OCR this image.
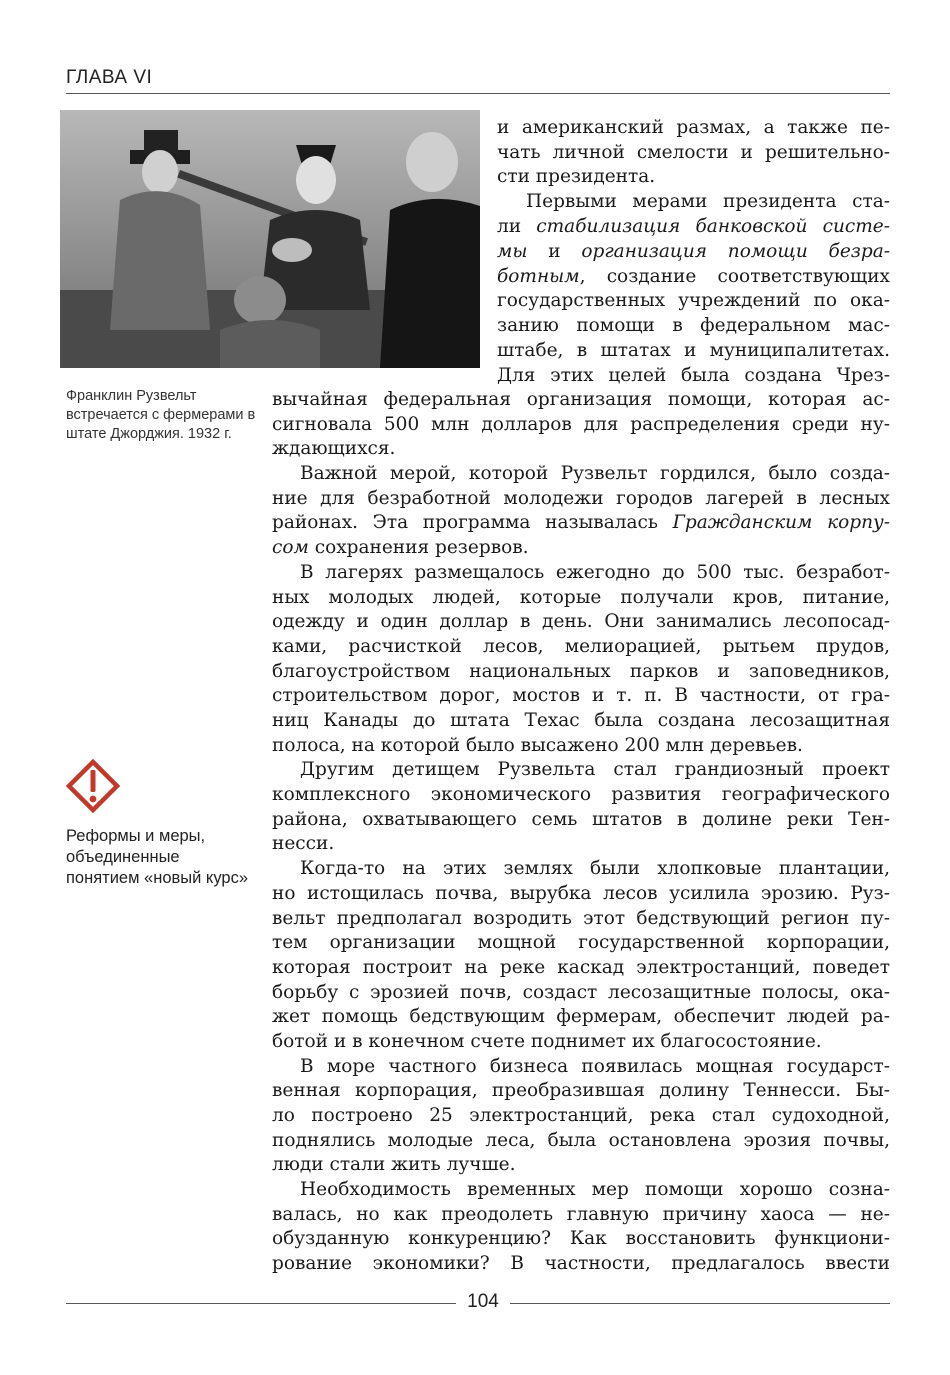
ГЛАВА VI

Франклин Рузвельт встречается с фермерами в штате Джорджия. 1932 г.

Реформы и меры, объединенные понятием «новый курс»

и американский размах, а также пе-

чать личной смелости и решительно-

сти президента.

Первыми мерами президента ста-

ли стабилизация банковской систе-

мы и организация помощи безра-

ботным, создание соответствующих

государственных учреждений по ока-

занию помощи в федеральном мас-

штабе, в штатах и муниципалитетах.

Для этих целей была создана Чрез-

вычайная федеральная организация помощи, которая ас-

сигновала 500 млн долларов для распределения среди ну-

ждающихся.

Важной мерой, которой Рузвельт гордился, было созда-

ние для безработной молодежи городов лагерей в лесных

районах. Эта программа называлась Гражданским корпу-

сом сохранения резервов.

В лагерях размещалось ежегодно до 500 тыс. безработ-

ных молодых людей, которые получали кров, питание,

одежду и один доллар в день. Они занимались лесопосад-

ками, расчисткой лесов, мелиорацией, рытьем прудов,

благоустройством национальных парков и заповедников,

строительством дорог, мостов и т. п. В частности, от гра-

ниц Канады до штата Техас была создана лесозащитная

полоса, на которой было высажено 200 млн деревьев.

Другим детищем Рузвельта стал грандиозный проект

комплексного экономического развития географического

района, охватывающего семь штатов в долине реки Тен-

несси.

Когда-то на этих землях были хлопковые плантации,

но истощилась почва, вырубка лесов усилила эрозию. Руз-

вельт предполагал возродить этот бедствующий регион пу-

тем организации мощной государственной корпорации,

которая построит на реке каскад электростанций, поведет

борьбу с эрозией почв, создаст лесозащитные полосы, ока-

жет помощь бедствующим фермерам, обеспечит людей ра-

ботой и в конечном счете поднимет их благосостояние.

В море частного бизнеса появилась мощная государст-

венная корпорация, преобразившая долину Теннесси. Бы-

ло построено 25 электростанций, река стал судоходной,

поднялись молодые леса, была остановлена эрозия почвы,

люди стали жить лучше.

Необходимость временных мер помощи хорошо созна-

валась, но как преодолеть главную причину хаоса — не-

обузданную конкуренцию? Как восстановить функциони-

рование экономики? В частности, предлагалось ввести

104
